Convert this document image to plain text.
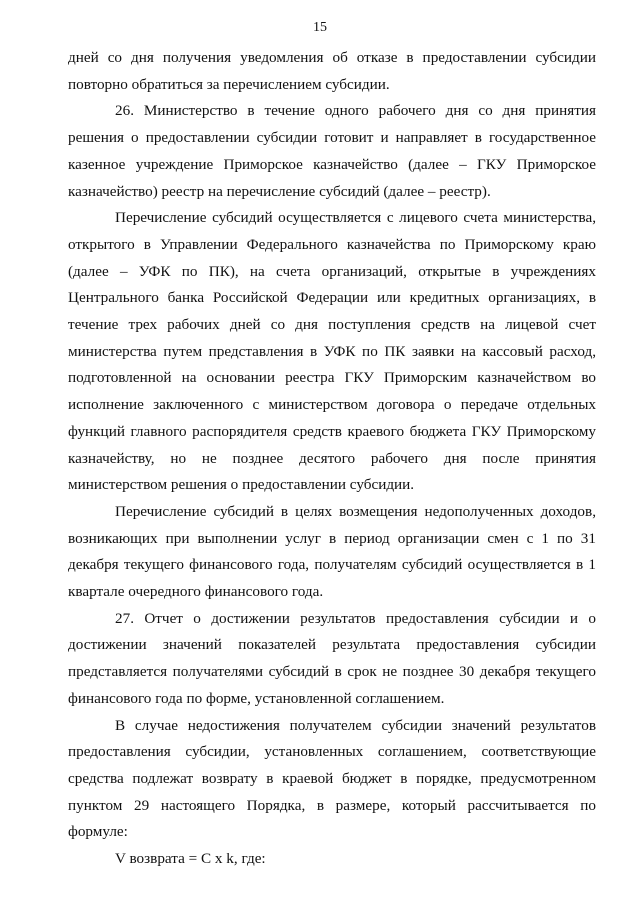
15

дней со дня получения уведомления об отказе в предоставлении субсидии повторно обратиться за перечислением субсидии.

26. Министерство в течение одного рабочего дня со дня принятия решения о предоставлении субсидии готовит и направляет в государственное казенное учреждение Приморское казначейство (далее – ГКУ Приморское казначейство) реестр на перечисление субсидий (далее – реестр).

Перечисление субсидий осуществляется с лицевого счета министерства, открытого в Управлении Федерального казначейства по Приморскому краю (далее – УФК по ПК), на счета организаций, открытые в учреждениях Центрального банка Российской Федерации или кредитных организациях, в течение трех рабочих дней со дня поступления средств на лицевой счет министерства путем представления в УФК по ПК заявки на кассовый расход, подготовленной на основании реестра ГКУ Приморским казначейством во исполнение заключенного с министерством договора о передаче отдельных функций главного распорядителя средств краевого бюджета ГКУ Приморскому казначейству, но не позднее десятого рабочего дня после принятия министерством решения о предоставлении субсидии.

Перечисление субсидий в целях возмещения недополученных доходов, возникающих при выполнении услуг в период организации смен с 1 по 31 декабря текущего финансового года, получателям субсидий осуществляется в 1 квартале очередного финансового года.

27. Отчет о достижении результатов предоставления субсидии и о достижении значений показателей результата предоставления субсидии представляется получателями субсидий в срок не позднее 30 декабря текущего финансового года по форме, установленной соглашением.

В случае недостижения получателем субсидии значений результатов предоставления субсидии, установленных соглашением, соответствующие средства подлежат возврату в краевой бюджет в порядке, предусмотренном пунктом 29 настоящего Порядка, в размере, который рассчитывается по формуле:

V возврата = С x k, где:
